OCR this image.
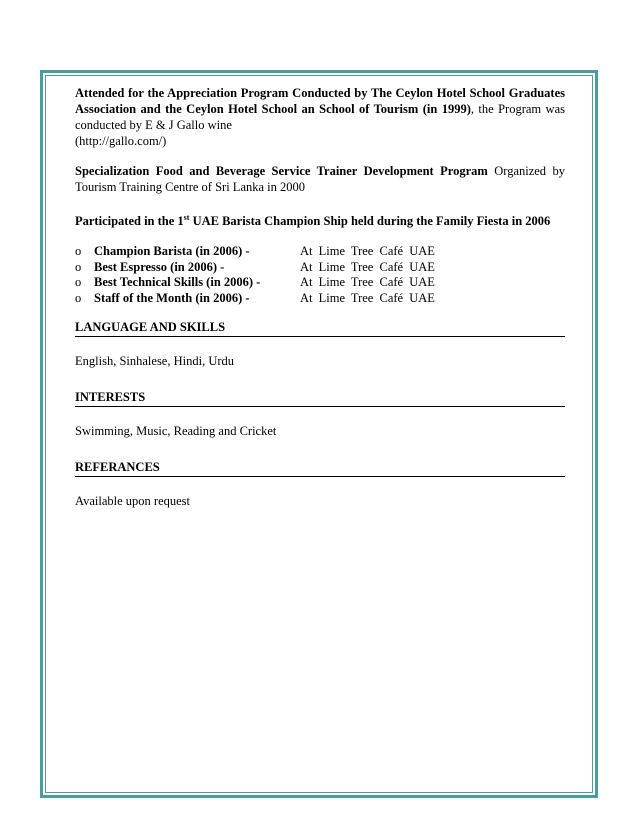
Attended for the Appreciation Program Conducted by The Ceylon Hotel School Graduates Association and the Ceylon Hotel School an School of Tourism (in 1999), the Program was conducted by E & J Gallo wine
(http://gallo.com/)

Specialization Food and Beverage Service Trainer Development Program Organized by Tourism Training Centre of Sri Lanka in 2000

Participated in the 1st UAE Barista Champion Ship held during the Family Fiesta in 2006

o	Champion Barista (in 2006) -	At Lime Tree Café UAE
o	Best Espresso (in 2006) -	At Lime Tree Café UAE
o	Best Technical Skills (in 2006) -	At Lime Tree Café UAE
o	Staff of the Month (in 2006) -	At Lime Tree Café UAE
LANGUAGE AND SKILLS
English, Sinhalese, Hindi, Urdu
INTERESTS
Swimming, Music, Reading and Cricket
REFERANCES
Available upon request
